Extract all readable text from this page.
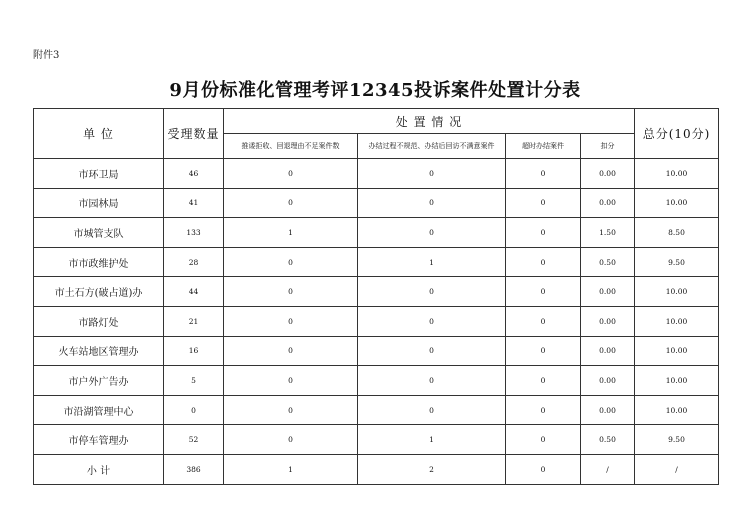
附件3
9月份标准化管理考评12345投诉案件处置计分表
单 位	受理数量	处 置 情 况				总分(10分)
		推诿拒收、回退理由不足案件数	办结过程不规范、办结后回访不满意案件	超时办结案件	扣分	
市环卫局	46	0	0	0	0.00	10.00
市园林局	41	0	0	0	0.00	10.00
市城管支队	133	1	0	0	1.50	8.50
市市政维护处	28	0	1	0	0.50	9.50
市土石方(破占道)办	44	0	0	0	0.00	10.00
市路灯处	21	0	0	0	0.00	10.00
火车站地区管理办	16	0	0	0	0.00	10.00
市户外广告办	5	0	0	0	0.00	10.00
市沿湖管理中心	0	0	0	0	0.00	10.00
市停车管理办	52	0	1	0	0.50	9.50
小 计	386	1	2	0	/	/
